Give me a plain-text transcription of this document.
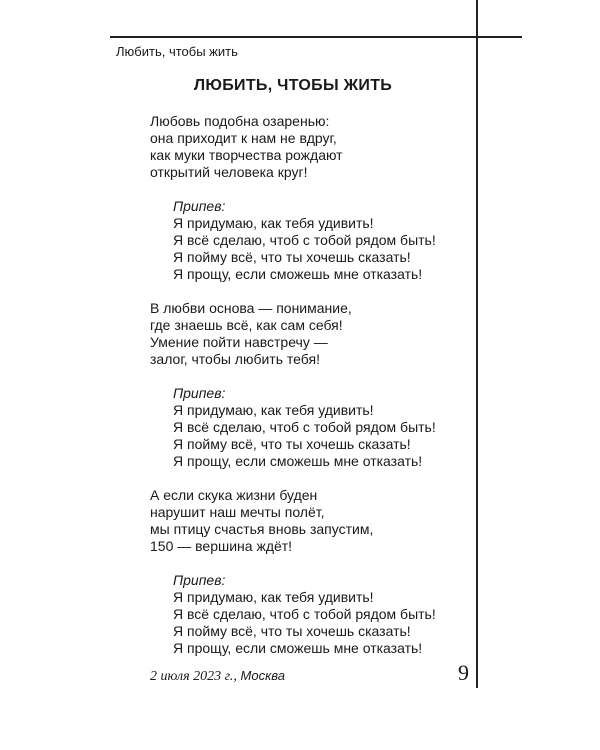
Любить, чтобы жить
ЛЮБИТЬ, ЧТОБЫ ЖИТЬ
Любовь подобна озаренью:
она приходит к нам не вдруг,
как муки творчества рождают
открытий человека круг!
Припев:
Я придумаю, как тебя удивить!
Я всё сделаю, чтоб с тобой рядом быть!
Я пойму всё, что ты хочешь сказать!
Я прощу, если сможешь мне отказать!
В любви основа — понимание,
где знаешь всё, как сам себя!
Умение пойти навстречу —
залог, чтобы любить тебя!
Припев:
Я придумаю, как тебя удивить!
Я всё сделаю, чтоб с тобой рядом быть!
Я пойму всё, что ты хочешь сказать!
Я прощу, если сможешь мне отказать!
А если скука жизни буден
нарушит наш мечты полёт,
мы птицу счастья вновь запустим,
150 — вершина ждёт!
Припев:
Я придумаю, как тебя удивить!
Я всё сделаю, чтоб с тобой рядом быть!
Я пойму всё, что ты хочешь сказать!
Я прощу, если сможешь мне отказать!
2 июля 2023 г., Москва	9
